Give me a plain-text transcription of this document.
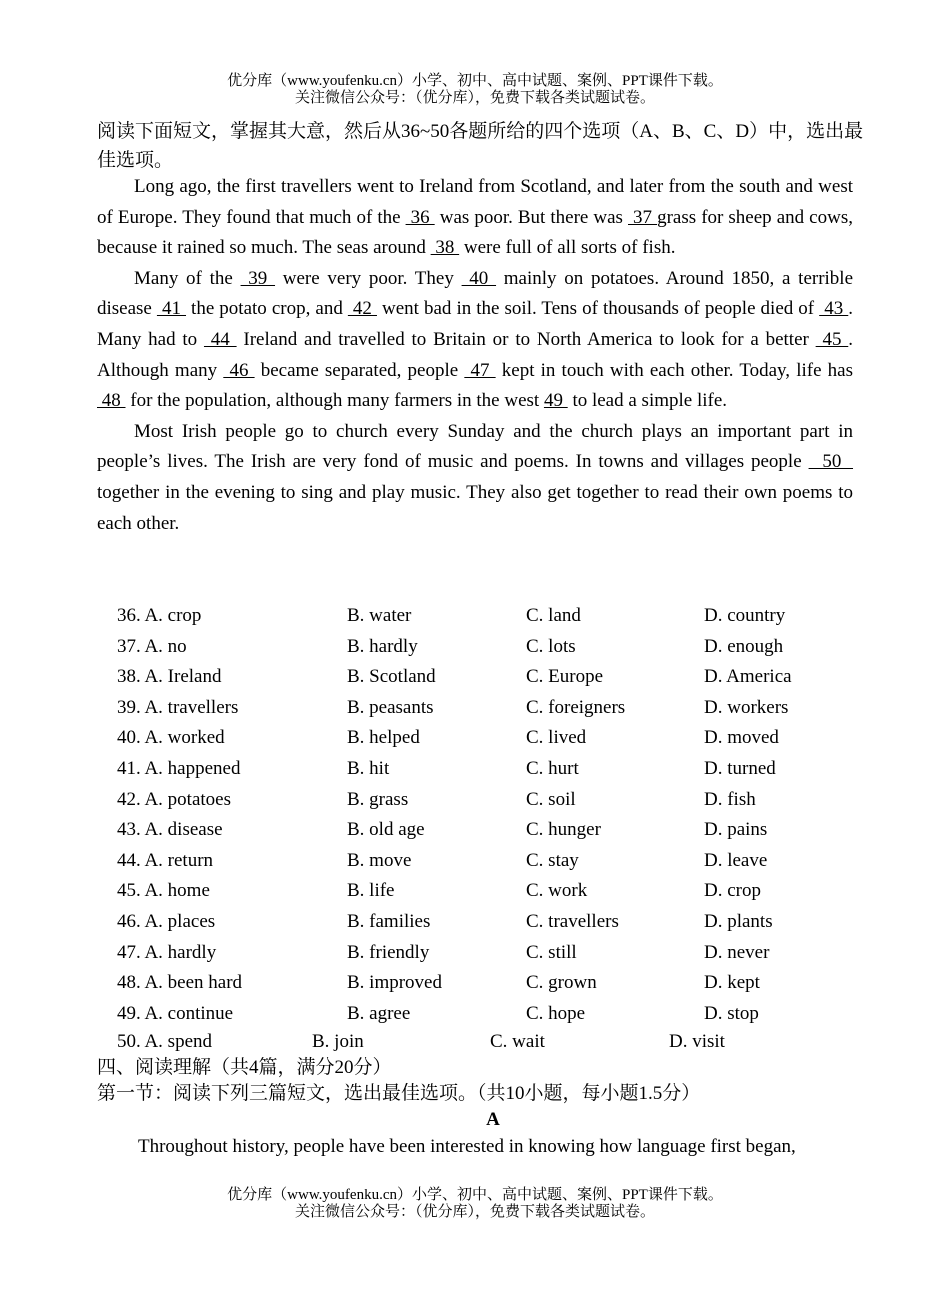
优分库（www.youfenku.cn）小学、初中、高中试题、案例、PPT课件下载。
关注微信公众号：（优分库），免费下载各类试题试卷。
阅读下面短文，掌握其大意，然后从36~50各题所给的四个选项（A、B、C、D）中，选出最佳选项。

Long ago, the first travellers went to Ireland from Scotland, and later from the south and west of Europe. They found that much of the  36  was poor. But there was  37 grass for sheep and cows, because it rained so much. The seas around  38  were full of all sorts of fish.

Many of the  39  were very poor. They  40  mainly on potatoes. Around 1850, a terrible disease  41  the potato crop, and  42  went bad in the soil. Tens of thousands of people died of  43 . Many had to  44  Ireland and travelled to Britain or to North America to look for a better  45 . Although many  46  became separated, people  47  kept in touch with each other. Today, life has  48  for the population, although many farmers in the west 49  to lead a simple life.

Most Irish people go to church every Sunday and the church plays an important part in people’s lives. The Irish are very fond of music and poems. In towns and villages people   50   together in the evening to sing and play music. They also get together to read their own poems to each other.

36. A. crop	B. water	C. land	D. country
37. A. no	B. hardly	C. lots	D. enough
38. A. Ireland	B. Scotland	C. Europe	D. America
39. A. travellers	B. peasants	C. foreigners	D. workers
40. A. worked	B. helped	C. lived	D. moved
41. A. happened	B. hit	C. hurt	D. turned
42. A. potatoes	B. grass	C. soil	D. fish
43. A. disease	B. old age	C. hunger	D. pains
44. A. return	B. move	C. stay	D. leave
45. A. home	B. life	C. work	D. crop
46. A. places	B. families	C. travellers	D. plants
47. A. hardly	B. friendly	C. still	D. never
48. A. been hard	B. improved	C. grown	D. kept
49. A. continue	B. agree	C. hope	D. stop
50. A. spend	B. join	C. wait	D. visit
四、阅读理解（共4篇，满分20分）
第一节：阅读下列三篇短文，选出最佳选项。（共10小题，每小题1.5分）
A
Throughout history, people have been interested in knowing how language first began,
优分库（www.youfenku.cn）小学、初中、高中试题、案例、PPT课件下载。
关注微信公众号：（优分库），免费下载各类试题试卷。
